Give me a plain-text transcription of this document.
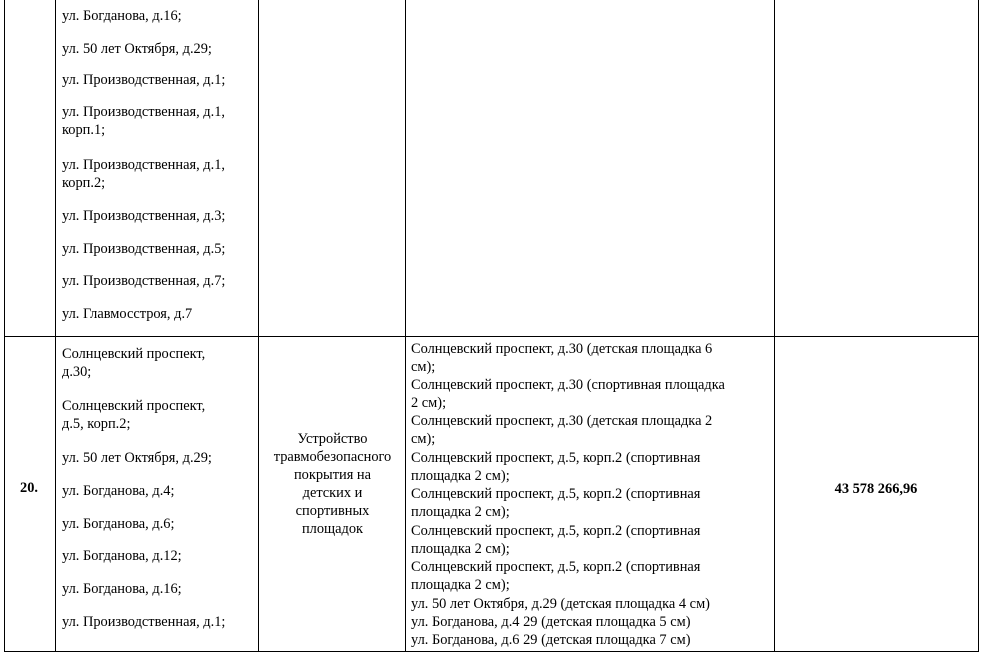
ул. Богданова, д.16;
ул. 50 лет Октября, д.29;
ул. Производственная, д.1;
ул. Производственная, д.1,
корп.1;
ул. Производственная, д.1,
корп.2;
ул. Производственная, д.3;
ул. Производственная, д.5;
ул. Производственная, д.7;
ул. Главмосстроя, д.7
20.
Солнцевский проспект,
д.30;
Солнцевский проспект,
д.5, корп.2;
ул. 50 лет Октября, д.29;
ул. Богданова, д.4;
ул. Богданова, д.6;
ул. Богданова, д.12;
ул. Богданова, д.16;
ул. Производственная, д.1;
Устройство
травмобезопасного
покрытия на
детских и
спортивных
площадок
Солнцевский проспект, д.30 (детская площадка 6
см);
Солнцевский проспект, д.30 (спортивная площадка
2 см);
Солнцевский проспект, д.30 (детская площадка 2
см);
Солнцевский проспект, д.5, корп.2 (спортивная
площадка 2 см);
Солнцевский проспект, д.5, корп.2 (спортивная
площадка 2 см);
Солнцевский проспект, д.5, корп.2 (спортивная
площадка 2 см);
Солнцевский проспект, д.5, корп.2 (спортивная
площадка 2 см);
ул. 50 лет Октября, д.29 (детская площадка 4 см)
ул. Богданова, д.4 29 (детская площадка 5 см)
ул. Богданова, д.6 29 (детская площадка 7 см)
43 578 266,96
